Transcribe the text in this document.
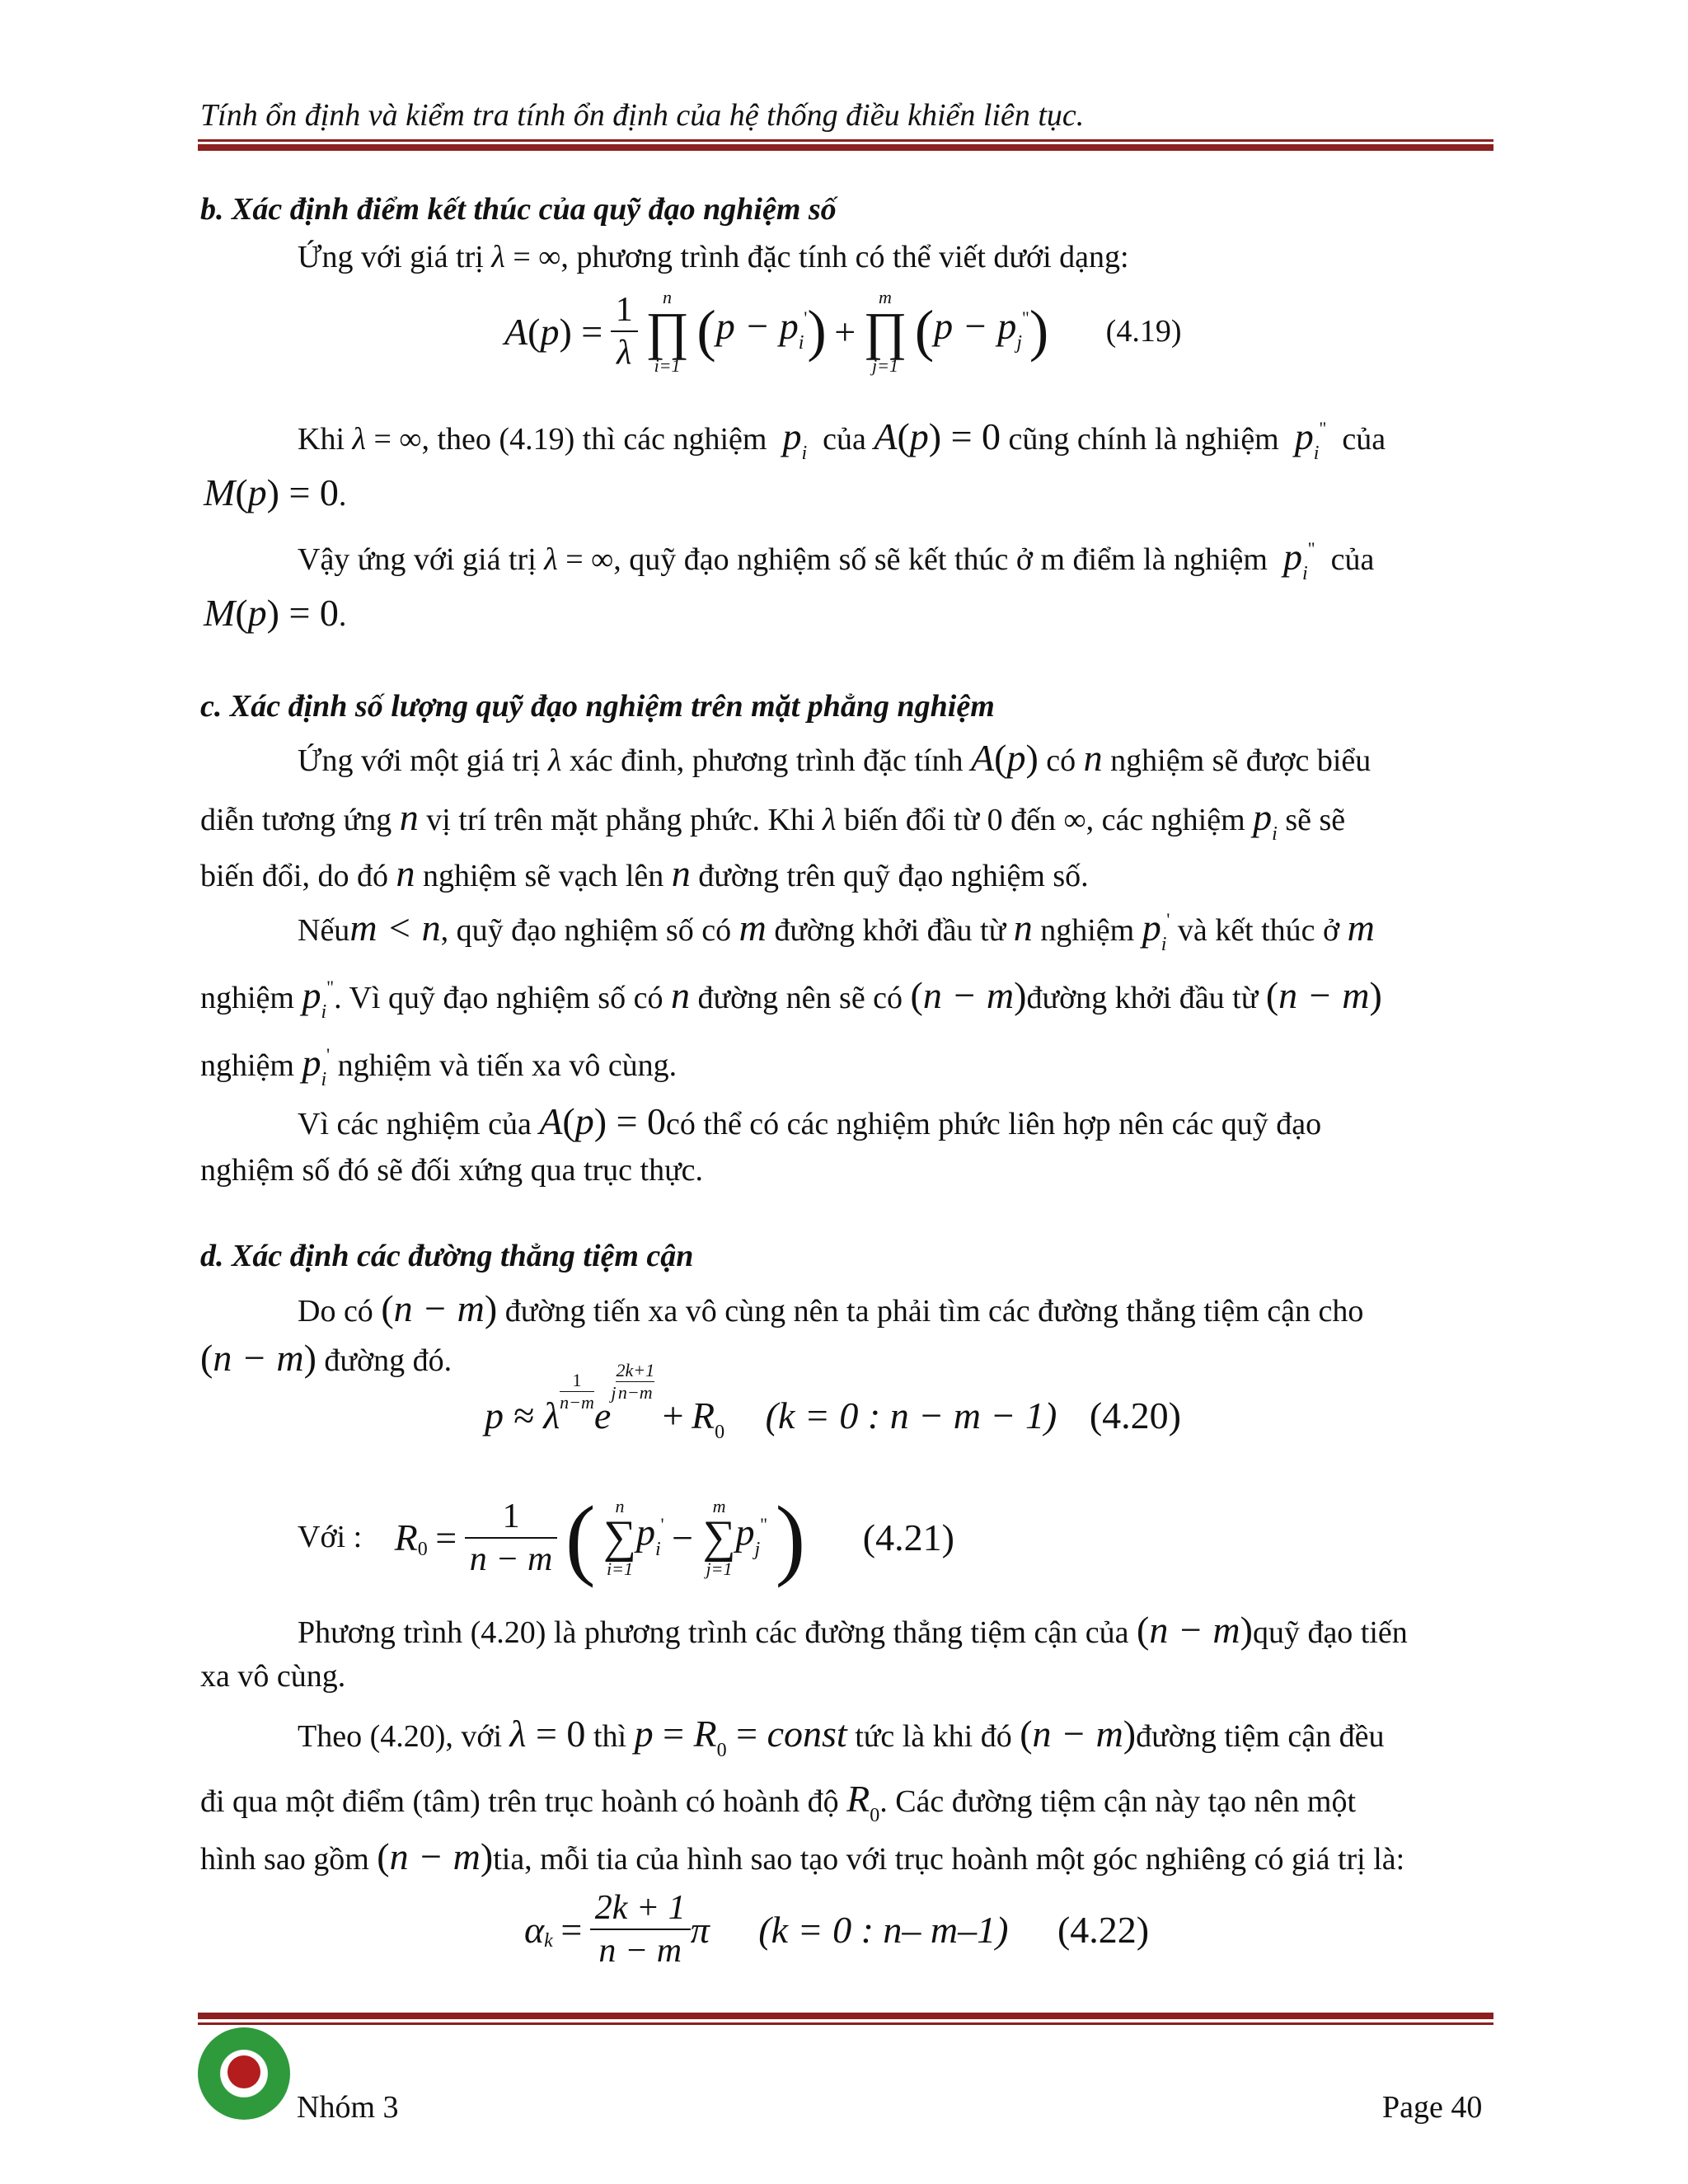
Tính ổn định và kiểm tra tính ổn định của hệ thống điều khiển liên tục.
b. Xác định điểm kết thúc của quỹ đạo nghiệm số
Ứng với giá trị λ = ∞, phương trình đặc tính có thể viết dưới dạng:
$A(p) = \frac{1}{\lambda}$
	n
∏
i=1
$(p - p_i')$ +
m
∏
j=1
$(p - p_j^")$ (4.19)
Khi λ = ∞, theo (4.19) thì các nghiệm $p_i$ của A(p) = 0 cũng chính là nghiệm $p_i^"$ của
M(p) = 0.
Vậy ứng với giá trị λ = ∞, quỹ đạo nghiệm số sẽ kết thúc ở m điểm là nghiệm $p_i^"$ của
M(p) = 0.
c. Xác định số lượng quỹ đạo nghiệm trên mặt phẳng nghiệm
Ứng với một giá trị λ xác đinh, phương trình đặc tính A(p) có n nghiệm sẽ được biểu
diễn tương ứng n vị trí trên mặt phẳng phức. Khi λ biến đổi từ 0 đến ∞, các nghiệm $p_i$ sẽ sẽ
biến đổi, do đó n nghiệm sẽ vạch lên n đường trên quỹ đạo nghiệm số.
Nếum < n, quỹ đạo nghiệm số có m đường khởi đầu từ n nghiệm $p_i'$ và kết thúc ở m
nghiệm $p_i^"$. Vì quỹ đạo nghiệm số có n đường nên sẽ có (n − m)đường khởi đầu từ (n − m)
nghiệm $p_i'$ nghiệm và tiến xa vô cùng.
Vì các nghiệm của A(p) = 0có thể có các nghiệm phức liên hợp nên các quỹ đạo
nghiệm số đó sẽ đối xứng qua trục thực.
d. Xác định các đường thẳng tiệm cận
Do có (n − m) đường tiến xa vô cùng nên ta phải tìm các đường thẳng tiệm cận cho
(n − m) đường đó.
p ≈ λ
$\frac{1}{n-m}$
ej $\frac{2k+1}{n-m}$
+ $R_0$ (k = 0 : n − m − 1) (4.20)
Với : $R_0 = \frac{1}{n - m}$ (	n
∑
i=1
$p_i'$ −
m
∑
j=1
$p_j^"$ ) (4.21)
Phương trình (4.20) là phương trình các đường thẳng tiệm cận của (n − m)quỹ đạo tiến
xa vô cùng.
Theo (4.20), với λ = 0 thì $p = R_0$ = const tức là khi đó (n − m)đường tiệm cận đều
đi qua một điểm (tâm) trên trục hoành có hoành độ $R_0$. Các đường tiệm cận này tạo nên một
hình sao gồm (n − m)tia, mỗi tia của hình sao tạo với trục hoành một góc nghiêng có giá trị là:
$\alpha_k = \frac{2k + 1}{n - m}$ π (k = 0 : n– m–1) (4.22)
Nhóm 3	Page 40
